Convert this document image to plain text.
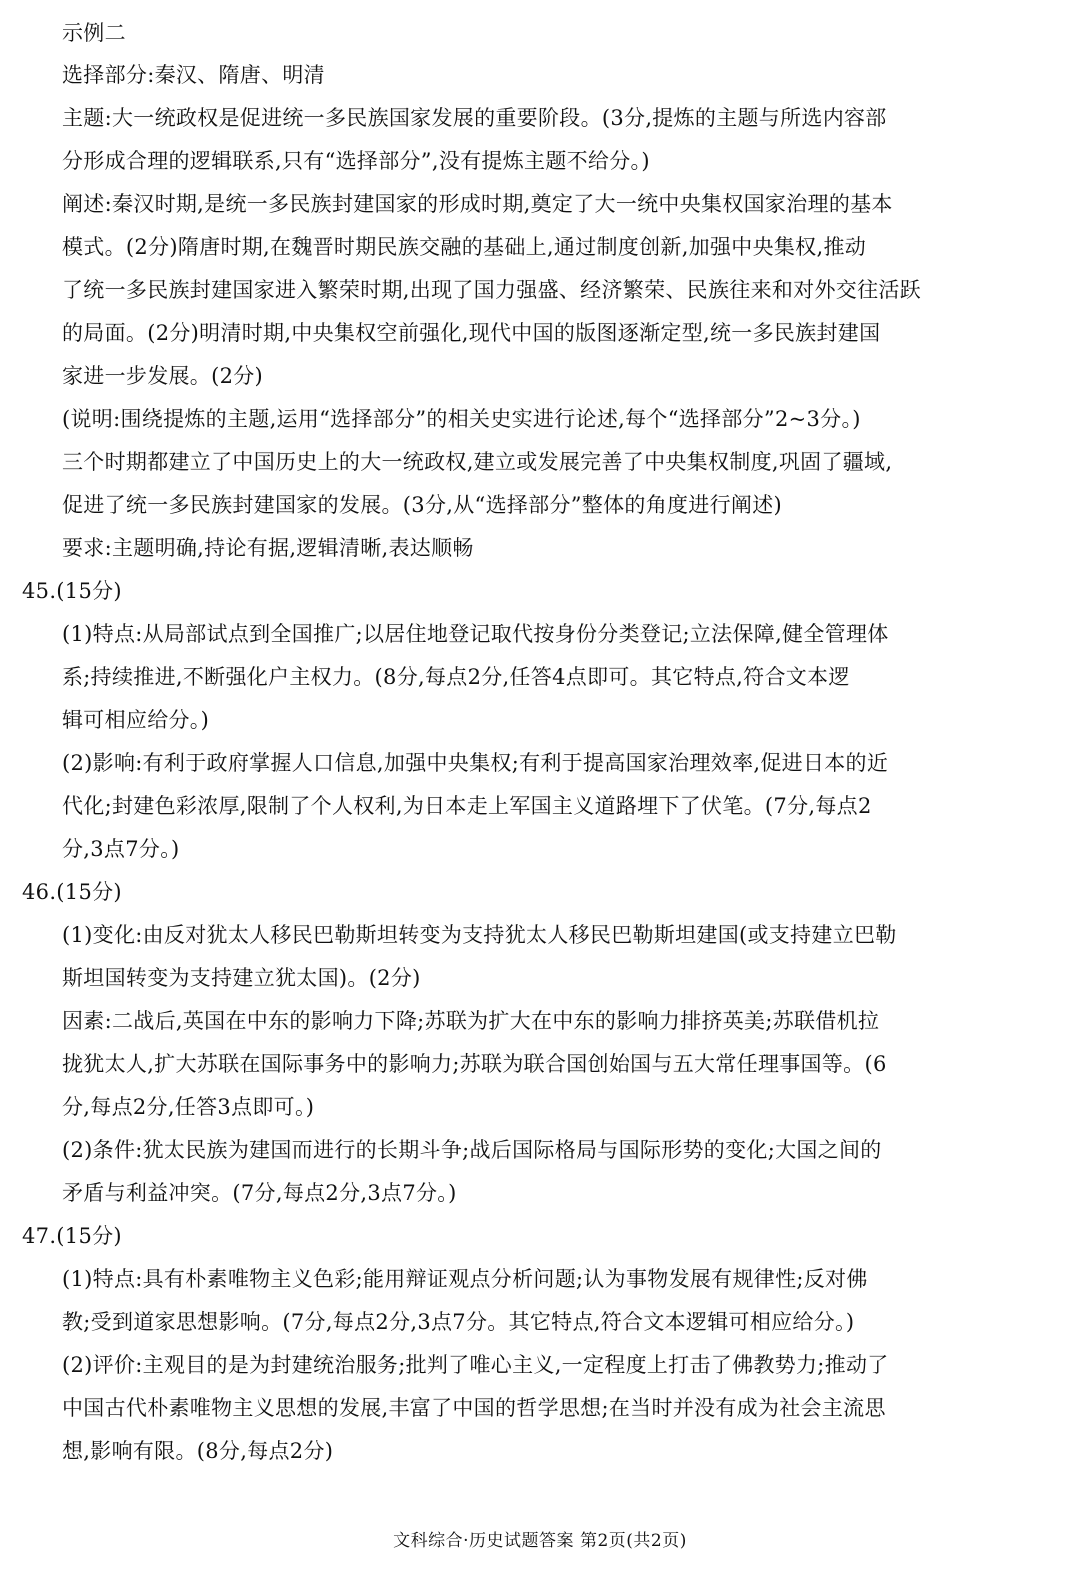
示例二
选择部分:秦汉、隋唐、明清
主题:大一统政权是促进统一多民族国家发展的重要阶段。(3分,提炼的主题与所选内容部
分形成合理的逻辑联系,只有“选择部分”,没有提炼主题不给分。)
阐述:秦汉时期,是统一多民族封建国家的形成时期,奠定了大一统中央集权国家治理的基本
模式。(2分)隋唐时期,在魏晋时期民族交融的基础上,通过制度创新,加强中央集权,推动
了统一多民族封建国家进入繁荣时期,出现了国力强盛、经济繁荣、民族往来和对外交往活跃
的局面。(2分)明清时期,中央集权空前强化,现代中国的版图逐渐定型,统一多民族封建国
家进一步发展。(2分)
(说明:围绕提炼的主题,运用“选择部分”的相关史实进行论述,每个“选择部分”2~3分。)
三个时期都建立了中国历史上的大一统政权,建立或发展完善了中央集权制度,巩固了疆域,
促进了统一多民族封建国家的发展。(3分,从“选择部分”整体的角度进行阐述)
要求:主题明确,持论有据,逻辑清晰,表达顺畅
45.(15分)
(1)特点:从局部试点到全国推广;以居住地登记取代按身份分类登记;立法保障,健全管理体
系;持续推进,不断强化户主权力。(8分,每点2分,任答4点即可。其它特点,符合文本逻
辑可相应给分。)
(2)影响:有利于政府掌握人口信息,加强中央集权;有利于提高国家治理效率,促进日本的近
代化;封建色彩浓厚,限制了个人权利,为日本走上军国主义道路埋下了伏笔。(7分,每点2
分,3点7分。)
46.(15分)
(1)变化:由反对犹太人移民巴勒斯坦转变为支持犹太人移民巴勒斯坦建国(或支持建立巴勒
斯坦国转变为支持建立犹太国)。(2分)
因素:二战后,英国在中东的影响力下降;苏联为扩大在中东的影响力排挤英美;苏联借机拉
拢犹太人,扩大苏联在国际事务中的影响力;苏联为联合国创始国与五大常任理事国等。(6
分,每点2分,任答3点即可。)
(2)条件:犹太民族为建国而进行的长期斗争;战后国际格局与国际形势的变化;大国之间的
矛盾与利益冲突。(7分,每点2分,3点7分。)
47.(15分)
(1)特点:具有朴素唯物主义色彩;能用辩证观点分析问题;认为事物发展有规律性;反对佛
教;受到道家思想影响。(7分,每点2分,3点7分。其它特点,符合文本逻辑可相应给分。)
(2)评价:主观目的是为封建统治服务;批判了唯心主义,一定程度上打击了佛教势力;推动了
中国古代朴素唯物主义思想的发展,丰富了中国的哲学思想;在当时并没有成为社会主流思
想,影响有限。(8分,每点2分)
文科综合·历史试题答案 第2页(共2页)
